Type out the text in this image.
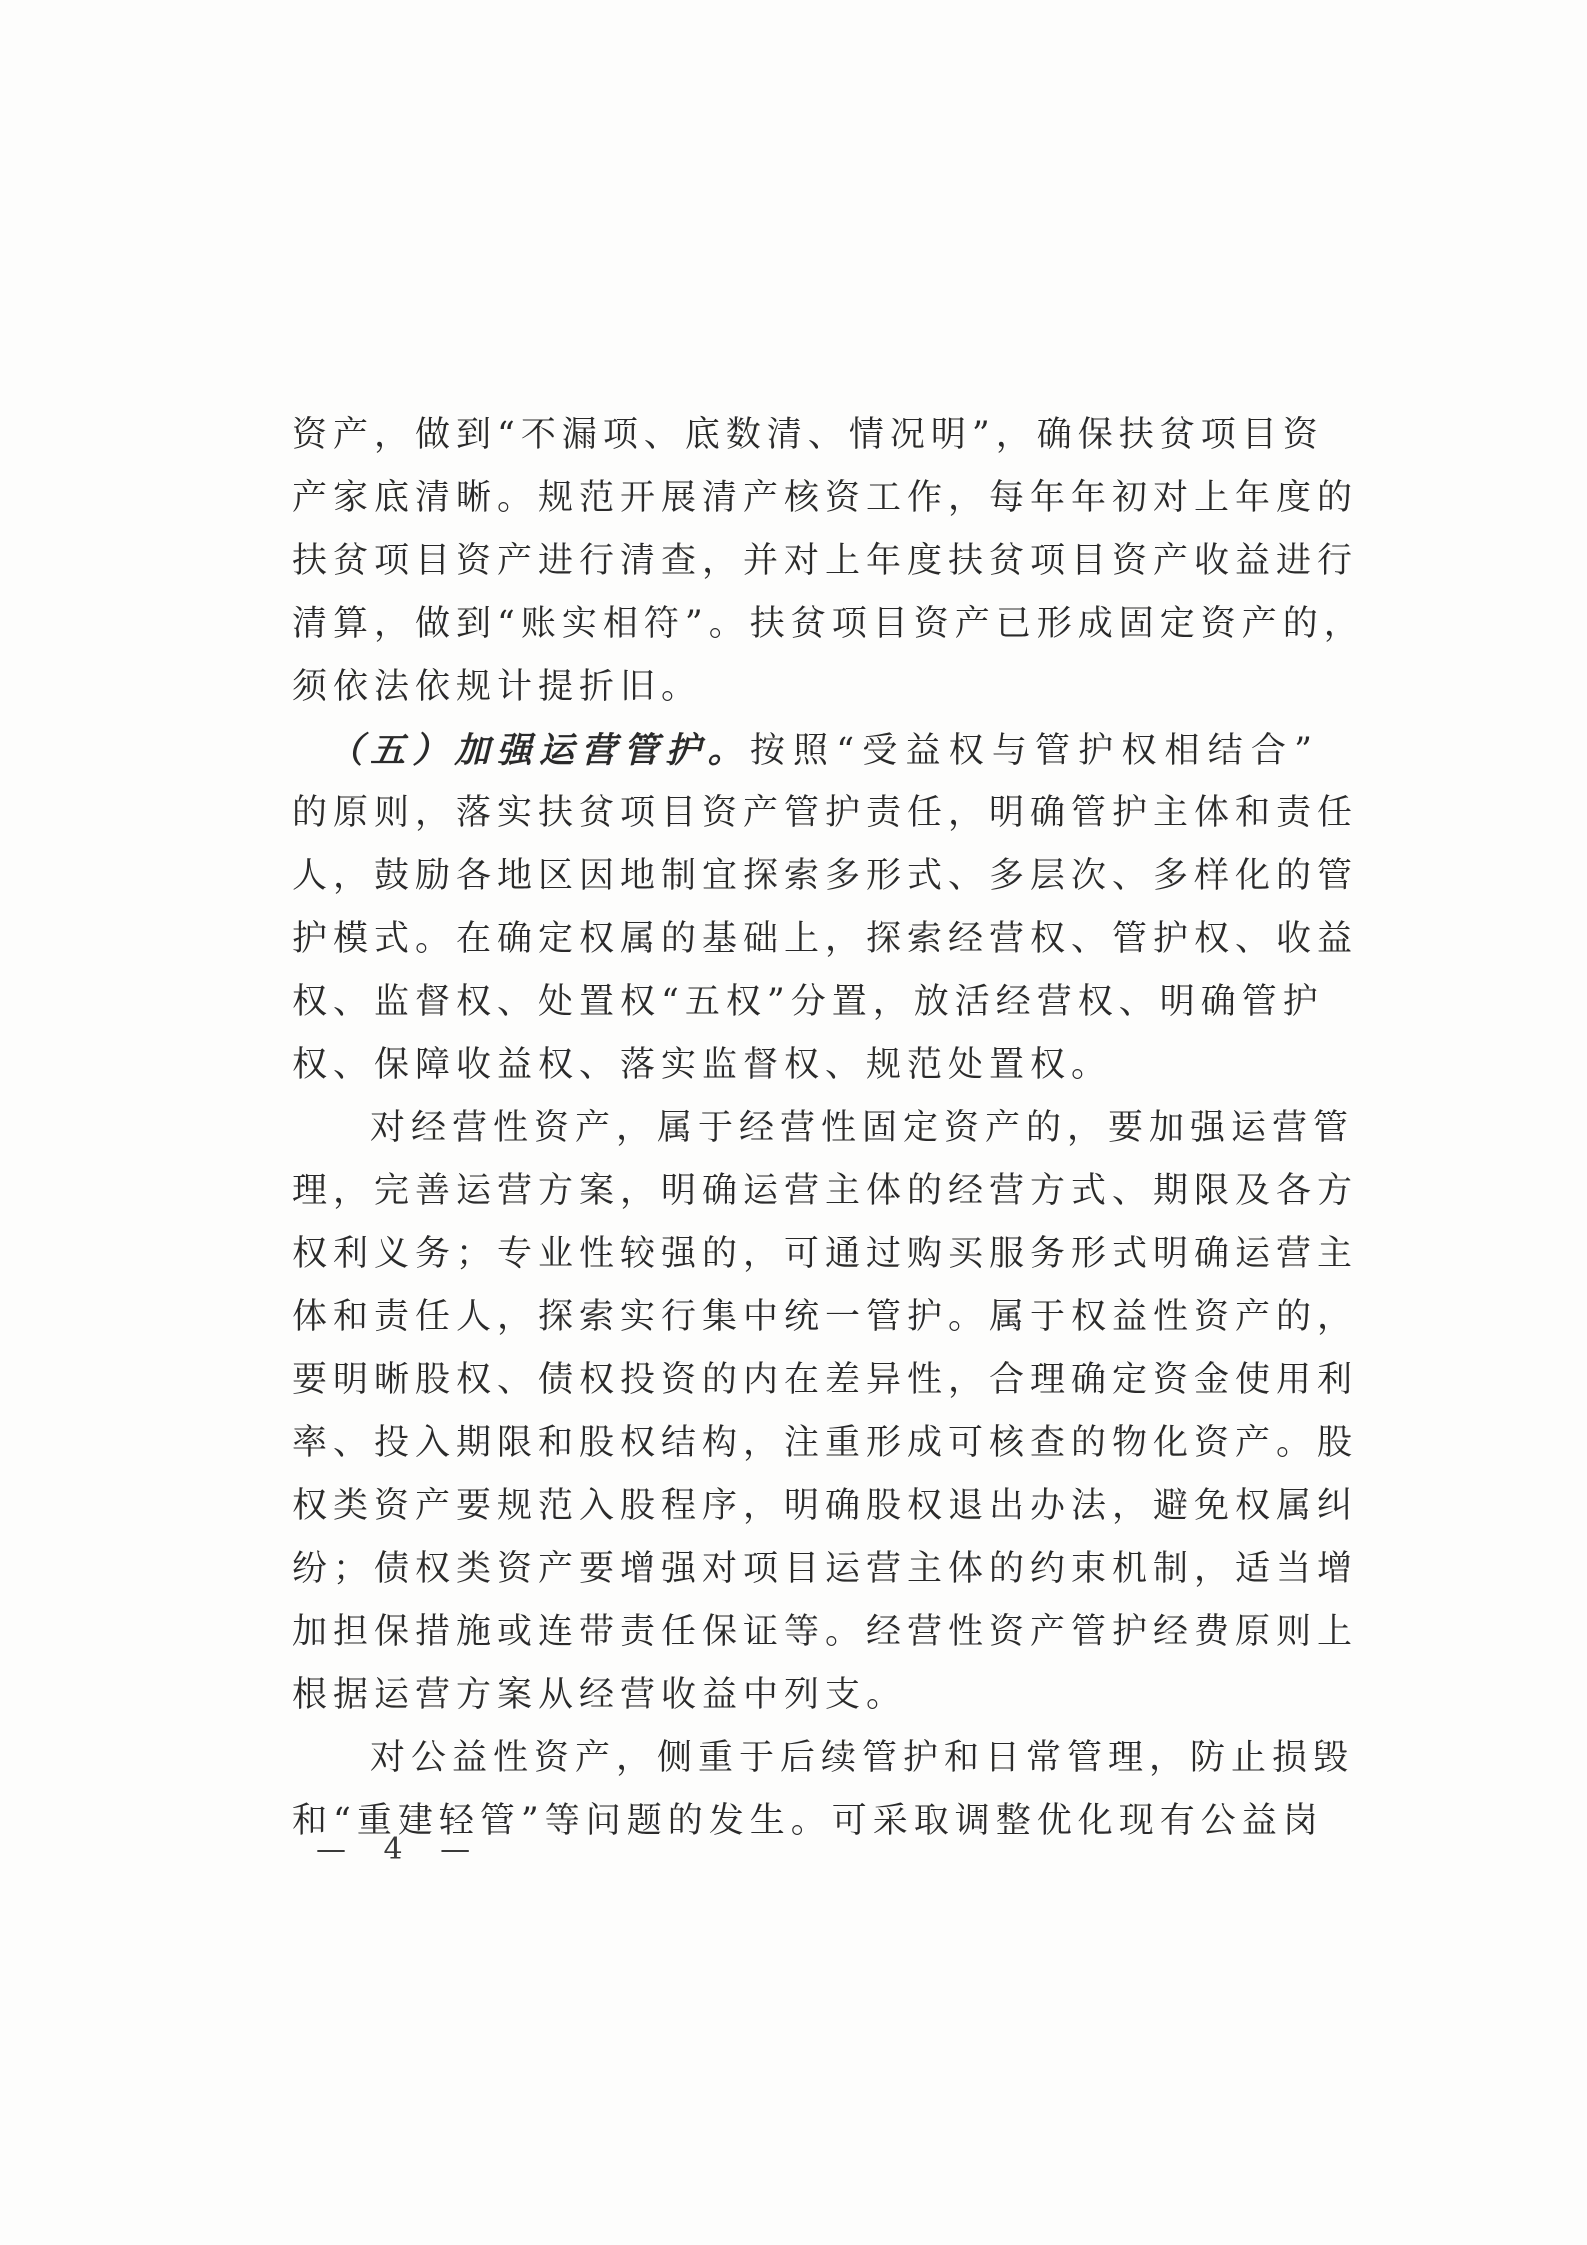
资产，做到“不漏项、底数清、情况明”，确保扶贫项目资
产家底清晰。规范开展清产核资工作，每年年初对上年度的
扶贫项目资产进行清查，并对上年度扶贫项目资产收益进行
清算，做到“账实相符”。扶贫项目资产已形成固定资产的，
须依法依规计提折旧。
（五）加强运营管护。按照“受益权与管护权相结合”
的原则，落实扶贫项目资产管护责任，明确管护主体和责任
人，鼓励各地区因地制宜探索多形式、多层次、多样化的管
护模式。在确定权属的基础上，探索经营权、管护权、收益
权、监督权、处置权“五权”分置，放活经营权、明确管护
权、保障收益权、落实监督权、规范处置权。
对经营性资产，属于经营性固定资产的，要加强运营管
理，完善运营方案，明确运营主体的经营方式、期限及各方
权利义务；专业性较强的，可通过购买服务形式明确运营主
体和责任人，探索实行集中统一管护。属于权益性资产的，
要明晰股权、债权投资的内在差异性，合理确定资金使用利
率、投入期限和股权结构，注重形成可核查的物化资产。股
权类资产要规范入股程序，明确股权退出办法，避免权属纠
纷；债权类资产要增强对项目运营主体的约束机制，适当增
加担保措施或连带责任保证等。经营性资产管护经费原则上
根据运营方案从经营收益中列支。
对公益性资产，侧重于后续管护和日常管理，防止损毁
和“重建轻管”等问题的发生。可采取调整优化现有公益岗
— 4 —
